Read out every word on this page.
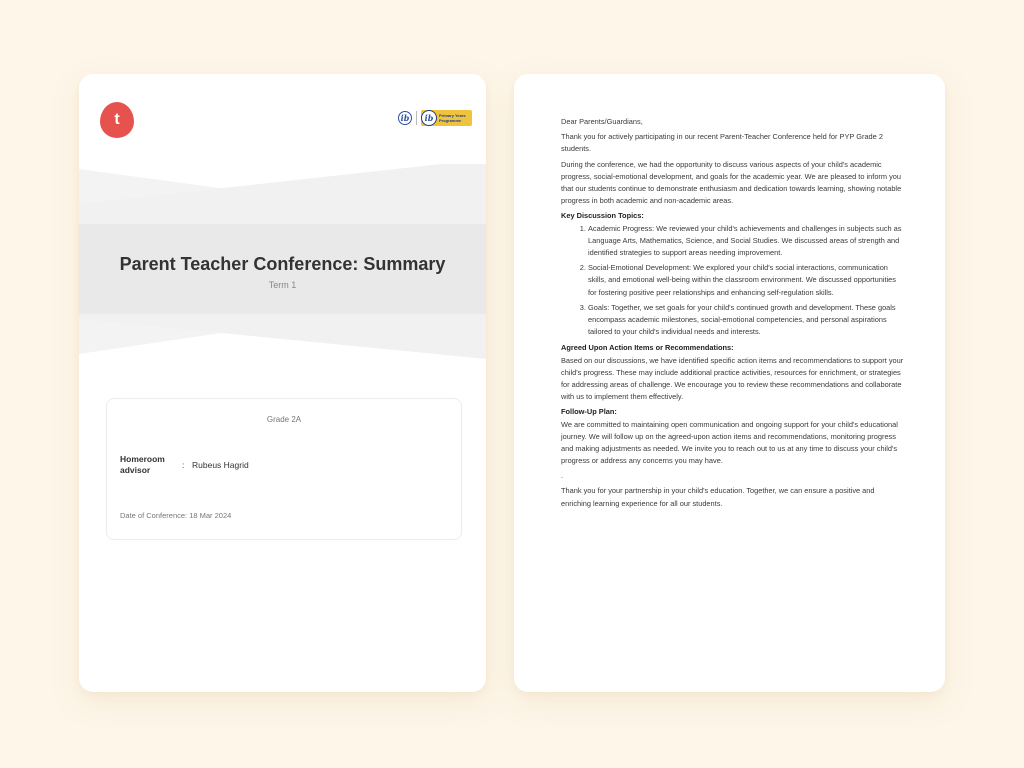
t	ib	ib	Primary Years Programme
Parent Teacher Conference: Summary
Term 1
Grade 2A
Homeroom advisor	: Rubeus Hagrid
Date of Conference: 18 Mar 2024

Dear Parents/Guardians,

Thank you for actively participating in our recent Parent-Teacher Conference held for PYP Grade 2 students.

During the conference, we had the opportunity to discuss various aspects of your child's academic progress, social-emotional development, and goals for the academic year. We are pleased to inform you that our students continue to demonstrate enthusiasm and dedication towards learning, showing notable progress in both academic and non-academic areas.

Key Discussion Topics:
1. Academic Progress: We reviewed your child's achievements and challenges in subjects such as Language Arts, Mathematics, Science, and Social Studies. We discussed areas of strength and identified strategies to support areas needing improvement.
2. Social-Emotional Development: We explored your child's social interactions, communication skills, and emotional well-being within the classroom environment. We discussed opportunities for fostering positive peer relationships and enhancing self-regulation skills.
3. Goals: Together, we set goals for your child's continued growth and development. These goals encompass academic milestones, social-emotional competencies, and personal aspirations tailored to your child's individual needs and interests.
Agreed Upon Action Items or Recommendations:

Based on our discussions, we have identified specific action items and recommendations to support your child's progress. These may include additional practice activities, resources for enrichment, or strategies for addressing areas of challenge. We encourage you to review these recommendations and collaborate with us to implement them effectively.

Follow-Up Plan:

We are committed to maintaining open communication and ongoing support for your child's educational journey. We will follow up on the agreed-upon action items and recommendations, monitoring progress and making adjustments as needed. We invite you to reach out to us at any time to discuss your child's progress or address any concerns you may have.

.

Thank you for your partnership in your child's education. Together, we can ensure a positive and enriching learning experience for all our students.
